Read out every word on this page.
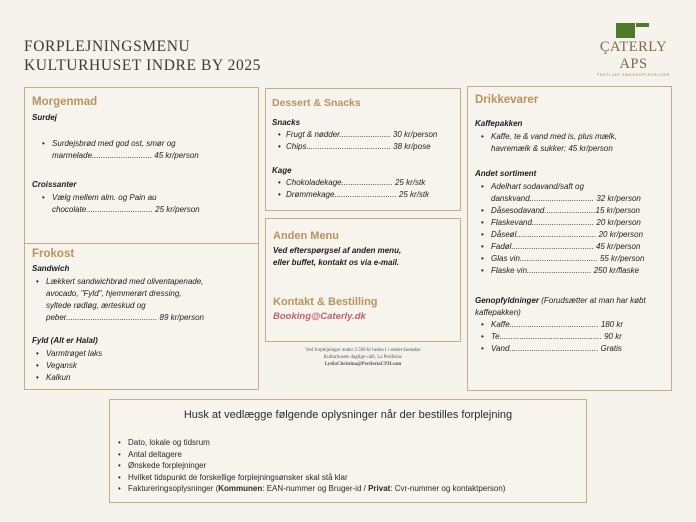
FORPLEJNINGSMENU
KULTURHUSET INDRE BY 2025
ÇATERLY APS
FESTLIGE SMAGSOPLEVELSER
Morgenmad
Surdej
• Surdejsbrød med god ost, smør og
marmelade........................... 45 kr/person
Croissanter
• Vælg mellem alm. og Pain au
chocolate.............................. 25 kr/person
Frokost
Sandwich
• Lækkert sandwichbrød med oliventapenade,
avocado, "Fyld", hjemmerørt dressing,
syltede rødløg, ærteskud og
peber......................................... 89 kr/person
Fyld (Alt er Halal)
• Varmtrøget laks
• Vegansk
• Kalkun
Dessert & Snacks
Snacks
• Frugt & nødder....................... 30 kr/person
• Chips...................................... 38 kr/pose
Kage
• Chokoladekage....................... 25 kr/stk
• Drømmekage............................ 25 kr/stk
Anden Menu
Ved efterspørgsel af anden menu,
eller buffet, kontakt os via e-mail.
Kontakt & Bestilling
Booking@Caterly.dk
Ved forplejninger under 2.500 kr bedes I i stedet kontakte
Kulturhusets daglige café, La Periferia:
LydiaChristina@PeriferiaCPH.com
Drikkevarer
Kaffepakken
• Kaffe, te & vand med is, plus mælk,
havremælk & sukker: 45 kr/person
Andet sortiment
• Adelhart sodavand/saft og
danskvand............................. 32 kr/person
• Dåsesodavand.......................15 kr/person
• Flaskevand............................ 20 kr/person
• Dåseøl.................................... 20 kr/person
• Fadøl..................................... 45 kr/person
• Glas vin................................... 55 kr/person
• Flaske vin............................. 250 kr/flaske
Genopfyldninger (Forudsætter at man har købt
kaffepakken)
• Kaffe........................................ 180 kr
• Te.............................................. 90 kr
• Vand........................................ Gratis
Husk at vedlægge følgende oplysninger når der bestilles forplejning
• Dato, lokale og tidsrum
• Antal deltagere
• Ønskede forplejninger
• Hvilket tidspunkt de forskellige forplejningsønsker skal stå klar
• Faktureringsoplysninger (Kommunen: EAN-nummer og Bruger-id / Privat: Cvr-nummer og kontaktperson)
